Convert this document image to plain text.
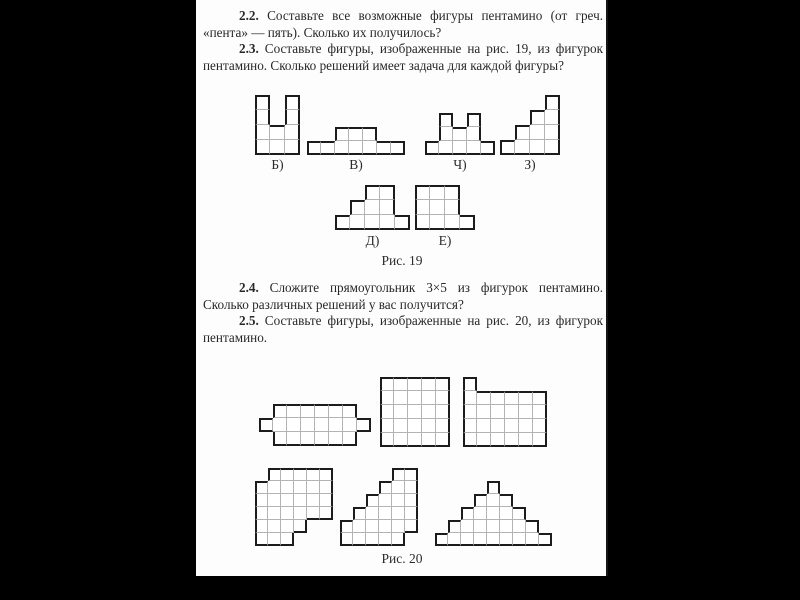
2.2. Составьте все возможные фигуры пентамино (от греч. «пента» — пять). Сколько их получилось?

2.3. Составьте фигуры, изображенные на рис. 19, из фигурок пентамино. Сколько решений имеет задача для каждой фигуры?

Б)	В)	Ч)	З)
Д)	Е)
Рис. 19

2.4. Сложите прямоугольник 3×5 из фигурок пентамино. Сколько различных решений у вас получится?

2.5. Составьте фигуры, изображенные на рис. 20, из фигурок пентамино.

Рис. 20
